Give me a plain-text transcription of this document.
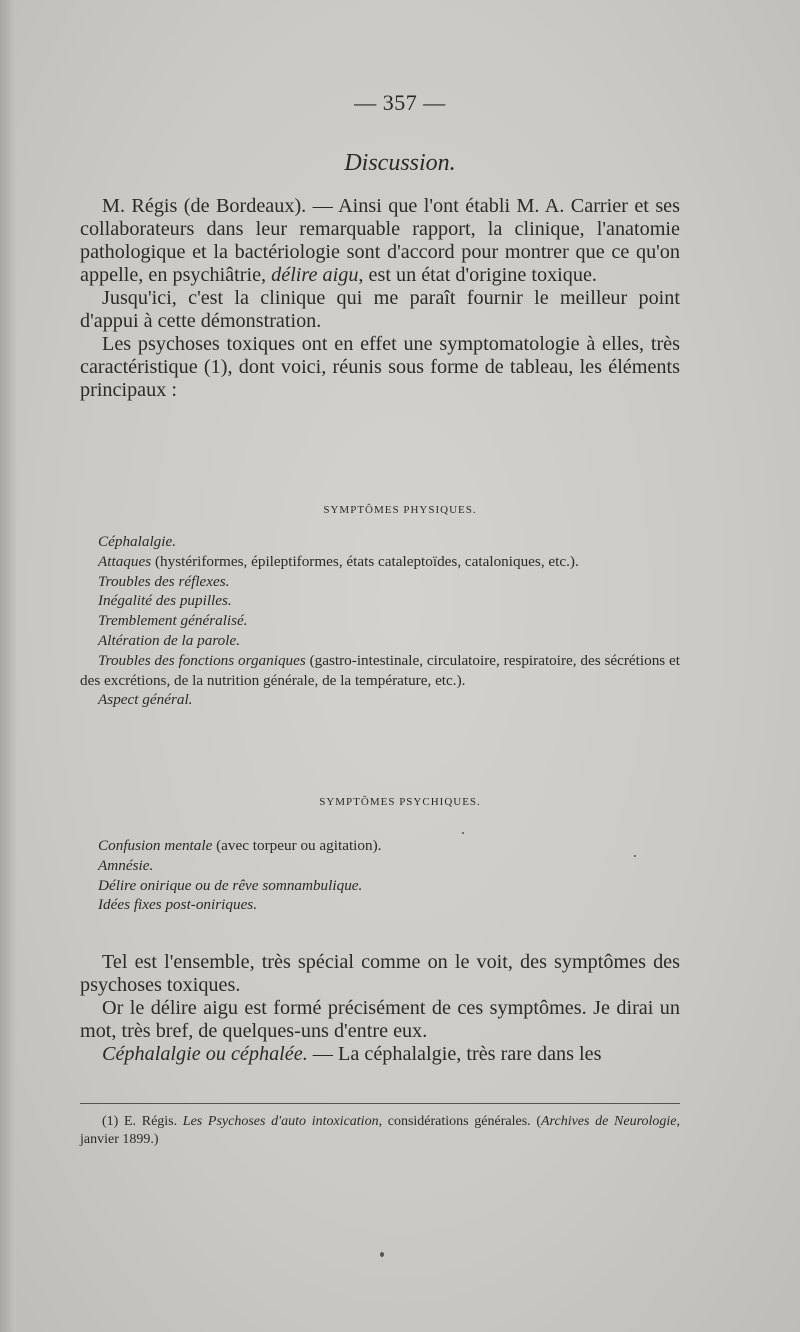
— 357 —
Discussion.

M. Régis (de Bordeaux). — Ainsi que l'ont établi M. A. Carrier et ses collaborateurs dans leur remarquable rapport, la clinique, l'anatomie pathologique et la bactériologie sont d'accord pour montrer que ce qu'on appelle, en psychiâtrie, délire aigu, est un état d'origine toxique.

Jusqu'ici, c'est la clinique qui me paraît fournir le meilleur point d'appui à cette démonstration.

Les psychoses toxiques ont en effet une symptomatologie à elles, très caractéristique (1), dont voici, réunis sous forme de tableau, les éléments principaux :

SYMPTÔMES PHYSIQUES.

Céphalalgie.

Attaques (hystériformes, épileptiformes, états cataleptoïdes, cataloniques, etc.).

Troubles des réflexes.

Inégalité des pupilles.

Tremblement généralisé.

Altération de la parole.

Troubles des fonctions organiques (gastro-intestinale, circulatoire, respiratoire, des sécrétions et des excrétions, de la nutrition générale, de la température, etc.).

Aspect général.

SYMPTÔMES PSYCHIQUES.

Confusion mentale (avec torpeur ou agitation).

Amnésie.

Délire onirique ou de rêve somnambulique.

Idées fixes post-oniriques.

Tel est l'ensemble, très spécial comme on le voit, des symptômes des psychoses toxiques.

Or le délire aigu est formé précisément de ces symptômes. Je dirai un mot, très bref, de quelques-uns d'entre eux.

Céphalalgie ou céphalée. — La céphalalgie, très rare dans les

(1) E. Régis. Les Psychoses d'auto intoxication, considérations générales. (Archives de Neurologie, janvier 1899.)
